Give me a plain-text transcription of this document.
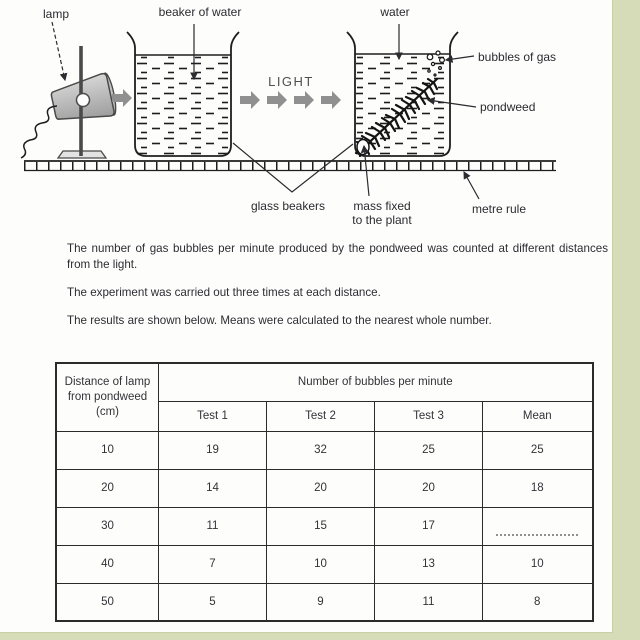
lamp	beaker of water	water
LIGHT
bubbles of gas
pondweed
glass beakers mass fixed
to the plant
metre rule
The number of gas bubbles per minute produced by the pondweed was counted at different distances from the light.
The experiment was carried out three times at each distance.
The results are shown below. Means were calculated to the nearest whole number.
Distance of lamp from pondweed (cm)	Number of bubbles per minute			
	Test 1	Test 2	Test 3	Mean
10	19	32	25	25
20	14	20	20	18
30	11	15	17	
40	7	10	13	10
50	5	9	11	8
